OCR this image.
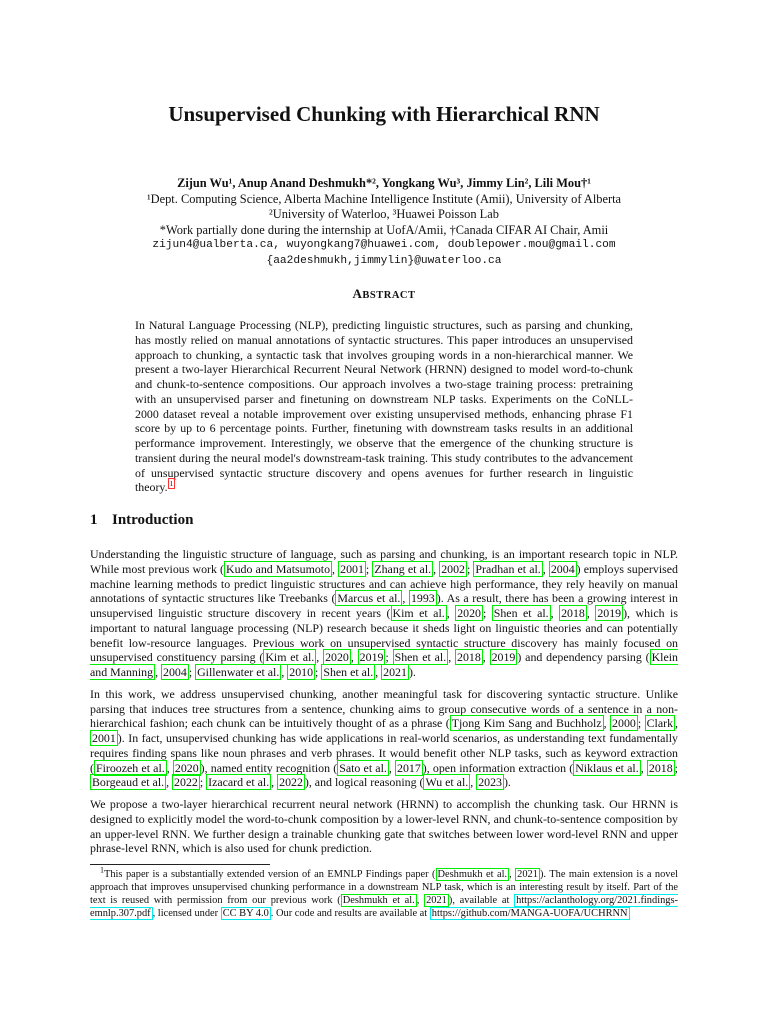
Unsupervised Chunking with Hierarchical RNN
Zijun Wu¹, Anup Anand Deshmukh*², Yongkang Wu³, Jimmy Lin², Lili Mou†¹
¹Dept. Computing Science, Alberta Machine Intelligence Institute (Amii), University of Alberta
²University of Waterloo, ³Huawei Poisson Lab
*Work partially done during the internship at UofA/Amii, †Canada CIFAR AI Chair, Amii
zijun4@ualberta.ca, wuyongkang7@huawei.com, doublepower.mou@gmail.com
{aa2deshmukh,jimmylin}@uwaterloo.ca
ABSTRACT
In Natural Language Processing (NLP), predicting linguistic structures, such as parsing and chunking, has mostly relied on manual annotations of syntactic structures. This paper introduces an unsupervised approach to chunking, a syntactic task that involves grouping words in a non-hierarchical manner. We present a two-layer Hierarchical Recurrent Neural Network (HRNN) designed to model word-to-chunk and chunk-to-sentence compositions. Our approach involves a two-stage training process: pretraining with an unsupervised parser and finetuning on downstream NLP tasks. Experiments on the CoNLL-2000 dataset reveal a notable improvement over existing unsupervised methods, enhancing phrase F1 score by up to 6 percentage points. Further, finetuning with downstream tasks results in an additional performance improvement. Interestingly, we observe that the emergence of the chunking structure is transient during the neural model's downstream-task training. This study contributes to the advancement of unsupervised syntactic structure discovery and opens avenues for further research in linguistic theory. $^1$
1 Introduction

Understanding the linguistic structure of language, such as parsing and chunking, is an important research topic in NLP. While most previous work ( Kudo and Matsumoto , 2001 ; Zhang et al. , 2002 ; Pradhan et al. , 2004 ) employs supervised machine learning methods to predict linguistic structures and can achieve high performance, they rely heavily on manual annotations of syntactic structures like Treebanks ( Marcus et al. , 1993 ). As a result, there has been a growing interest in unsupervised linguistic structure discovery in recent years ( Kim et al. , 2020 ; Shen et al. , 2018 , 2019 ), which is important to natural language processing (NLP) research because it sheds light on linguistic theories and can potentially benefit low-resource languages. Previous work on unsupervised syntactic structure discovery has mainly focused on unsupervised constituency parsing ( Kim et al. , 2020 , 2019 ; Shen et al. , 2018 , 2019 ) and dependency parsing ( Klein and Manning , 2004 ; Gillenwater et al. , 2010 ; Shen et al. , 2021 ).

In this work, we address unsupervised chunking, another meaningful task for discovering syntactic structure. Unlike parsing that induces tree structures from a sentence, chunking aims to group consecutive words of a sentence in a non-hierarchical fashion; each chunk can be intuitively thought of as a phrase ( Tjong Kim Sang and Buchholz , 2000 ; Clark , 2001 ). In fact, unsupervised chunking has wide applications in real-world scenarios, as understanding text fundamentally requires finding spans like noun phrases and verb phrases. It would benefit other NLP tasks, such as keyword extraction ( Firoozeh et al. , 2020 ), named entity recognition ( Sato et al. , 2017 ), open information extraction ( Niklaus et al. , 2018 ; Borgeaud et al. , 2022 ; Izacard et al. , 2022 ), and logical reasoning ( Wu et al. , 2023 ).

We propose a two-layer hierarchical recurrent neural network (HRNN) to accomplish the chunking task. Our HRNN is designed to explicitly model the word-to-chunk composition by a lower-level RNN, and chunk-to-sentence composition by an upper-level RNN. We further design a trainable chunking gate that switches between lower word-level RNN and upper phrase-level RNN, which is also used for chunk prediction.

$^1$This paper is a substantially extended version of an EMNLP Findings paper ( Deshmukh et al. , 2021 ). The main extension is a novel approach that improves unsupervised chunking performance in a downstream NLP task, which is an interesting result by itself. Part of the text is reused with permission from our previous work ( Deshmukh et al. , 2021 ), available at https://aclanthology.org/2021.findings-emnlp.307.pdf , licensed under CC BY 4.0 . Our code and results are available at https://github.com/MANGA-UOFA/UCHRNN
